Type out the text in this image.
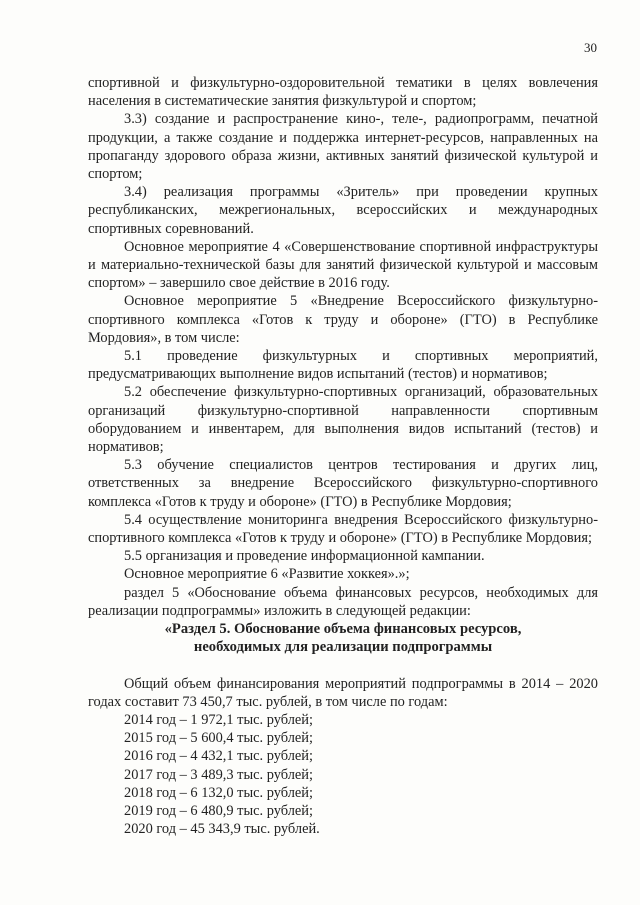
30

спортивной и физкультурно-оздоровительной тематики в целях вовлечения населения в систематические занятия физкультурой и спортом;

3.3) создание и распространение кино-, теле-, радиопрограмм, печатной продукции, а также создание и поддержка интернет-ресурсов, направленных на пропаганду здорового образа жизни, активных занятий физической культурой и спортом;

3.4) реализация программы «Зритель» при проведении крупных республиканских, межрегиональных, всероссийских и международных спортивных соревнований.

Основное мероприятие 4 «Совершенствование спортивной инфраструктуры и материально-технической базы для занятий физической культурой и массовым спортом» – завершило свое действие в 2016 году.

Основное мероприятие 5 «Внедрение Всероссийского физкультурно-спортивного комплекса «Готов к труду и обороне» (ГТО) в Республике Мордовия», в том числе:

5.1 проведение физкультурных и спортивных мероприятий, предусматривающих выполнение видов испытаний (тестов) и нормативов;

5.2 обеспечение физкультурно-спортивных организаций, образовательных организаций физкультурно-спортивной направленности спортивным оборудованием и инвентарем, для выполнения видов испытаний (тестов) и нормативов;

5.3 обучение специалистов центров тестирования и других лиц, ответственных за внедрение Всероссийского физкультурно-спортивного комплекса «Готов к труду и обороне» (ГТО) в Республике Мордовия;

5.4 осуществление мониторинга внедрения Всероссийского физкультурно-спортивного комплекса «Готов к труду и обороне» (ГТО) в Республике Мордовия;

5.5 организация и проведение информационной кампании.

Основное мероприятие 6 «Развитие хоккея».»;

раздел 5 «Обоснование объема финансовых ресурсов, необходимых для реализации подпрограммы» изложить в следующей редакции:

«Раздел 5. Обоснование объема финансовых ресурсов,

необходимых для реализации подпрограммы

Общий объем финансирования мероприятий подпрограммы в 2014 – 2020 годах составит 73 450,7 тыс. рублей, в том числе по годам:

2014 год – 1 972,1 тыс. рублей;

2015 год – 5 600,4 тыс. рублей;

2016 год – 4 432,1 тыс. рублей;

2017 год – 3 489,3 тыс. рублей;

2018 год – 6 132,0 тыс. рублей;

2019 год – 6 480,9 тыс. рублей;

2020 год – 45 343,9 тыс. рублей.
